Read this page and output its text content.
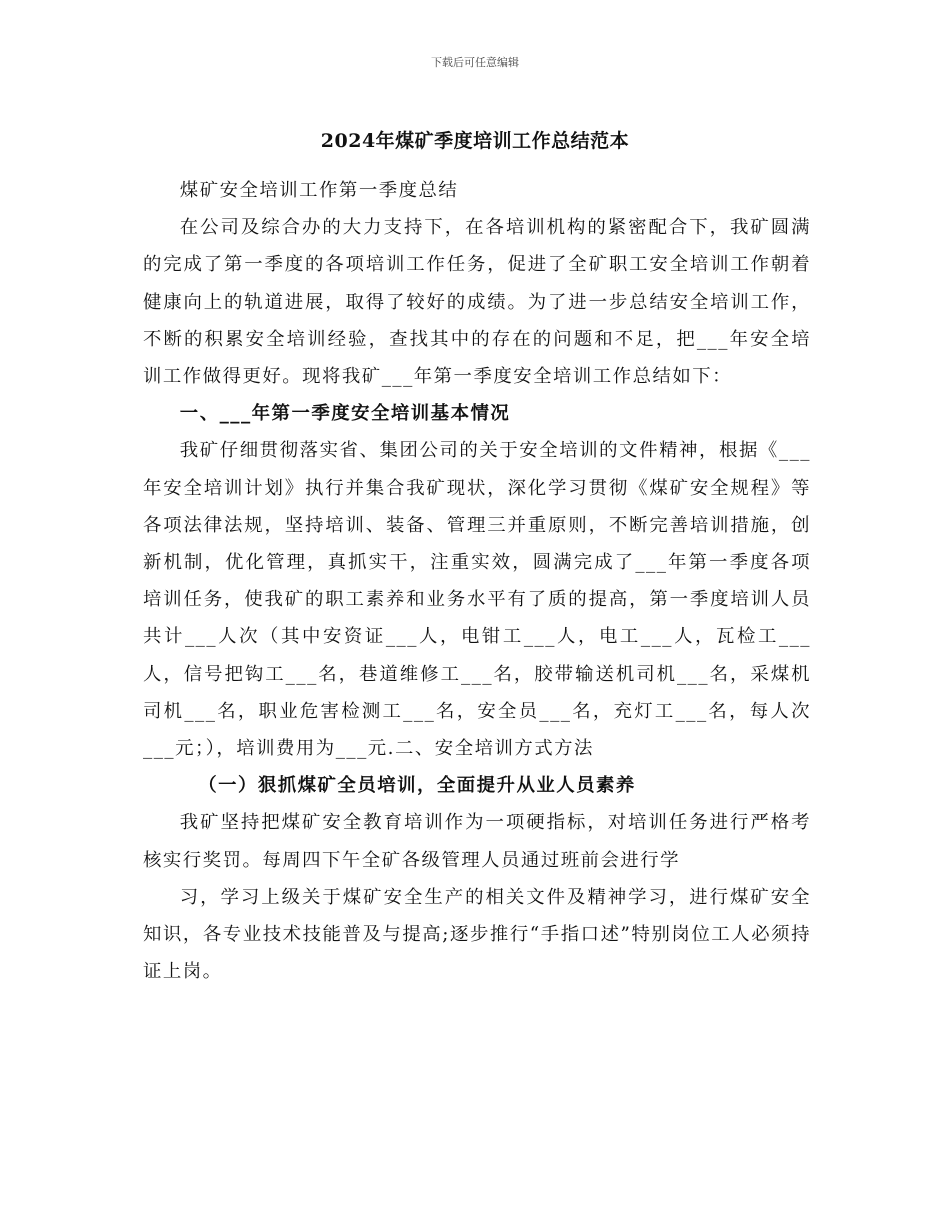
下载后可任意编辑
2024年煤矿季度培训工作总结范本

煤矿安全培训工作第一季度总结

在公司及综合办的大力支持下，在各培训机构的紧密配合下，我矿圆满的完成了第一季度的各项培训工作任务，促进了全矿职工安全培训工作朝着健康向上的轨道进展，取得了较好的成绩。为了进一步总结安全培训工作，不断的积累安全培训经验，查找其中的存在的问题和不足，把___年安全培训工作做得更好。现将我矿___年第一季度安全培训工作总结如下：

一、___年第一季度安全培训基本情况

我矿仔细贯彻落实省、集团公司的关于安全培训的文件精神，根据《___年安全培训计划》执行并集合我矿现状，深化学习贯彻《煤矿安全规程》等各项法律法规，坚持培训、装备、管理三并重原则，不断完善培训措施，创新机制，优化管理，真抓实干，注重实效，圆满完成了___年第一季度各项培训任务，使我矿的职工素养和业务水平有了质的提高，第一季度培训人员共计___人次（其中安资证___人，电钳工___人，电工___人，瓦检工___人，信号把钩工___名，巷道维修工___名，胶带输送机司机___名，采煤机司机___名，职业危害检测工___名，安全员___名，充灯工___名，每人次___元；），培训费用为___元.二、安全培训方式方法

（一）狠抓煤矿全员培训，全面提升从业人员素养

我矿坚持把煤矿安全教育培训作为一项硬指标，对培训任务进行严格考核实行奖罚。每周四下午全矿各级管理人员通过班前会进行学

习，学习上级关于煤矿安全生产的相关文件及精神学习，进行煤矿安全知识，各专业技术技能普及与提高;逐步推行“手指口述”特别岗位工人必须持证上岗。
